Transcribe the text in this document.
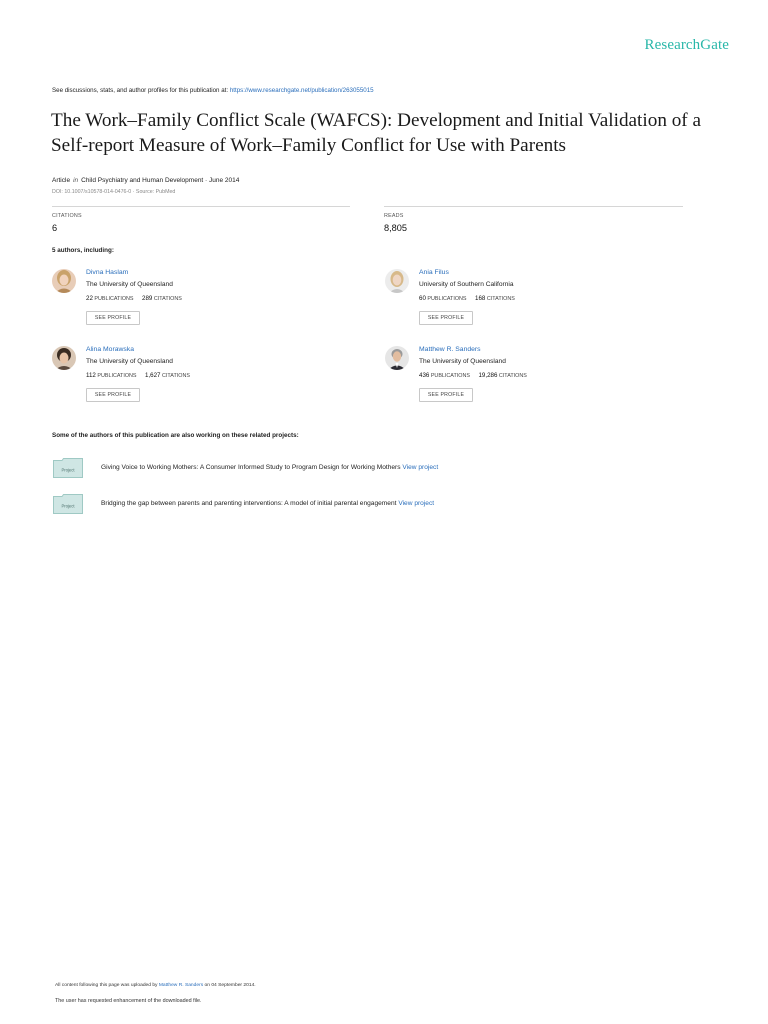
ResearchGate
See discussions, stats, and author profiles for this publication at: https://www.researchgate.net/publication/263055015
The Work–Family Conflict Scale (WAFCS): Development and Initial Validation of a Self-report Measure of Work–Family Conflict for Use with Parents
Article in Child Psychiatry and Human Development · June 2014
DOI: 10.1007/s10578-014-0476-0 · Source: PubMed
CITATIONS
6
READS
8,805
5 authors, including:
Divna Haslam
The University of Queensland
22 PUBLICATIONS 289 CITATIONS
SEE PROFILE
Ania Filus
University of Southern California
60 PUBLICATIONS 168 CITATIONS
SEE PROFILE
Alina Morawska
The University of Queensland
112 PUBLICATIONS 1,627 CITATIONS
SEE PROFILE
Matthew R. Sanders
The University of Queensland
436 PUBLICATIONS 19,286 CITATIONS
SEE PROFILE
Some of the authors of this publication are also working on these related projects:
Project	Giving Voice to Working Mothers: A Consumer Informed Study to Program Design for Working Mothers View project
Project	Bridging the gap between parents and parenting interventions: A model of initial parental engagement View project
All content following this page was uploaded by Matthew R. Sanders on 04 September 2014.
The user has requested enhancement of the downloaded file.
